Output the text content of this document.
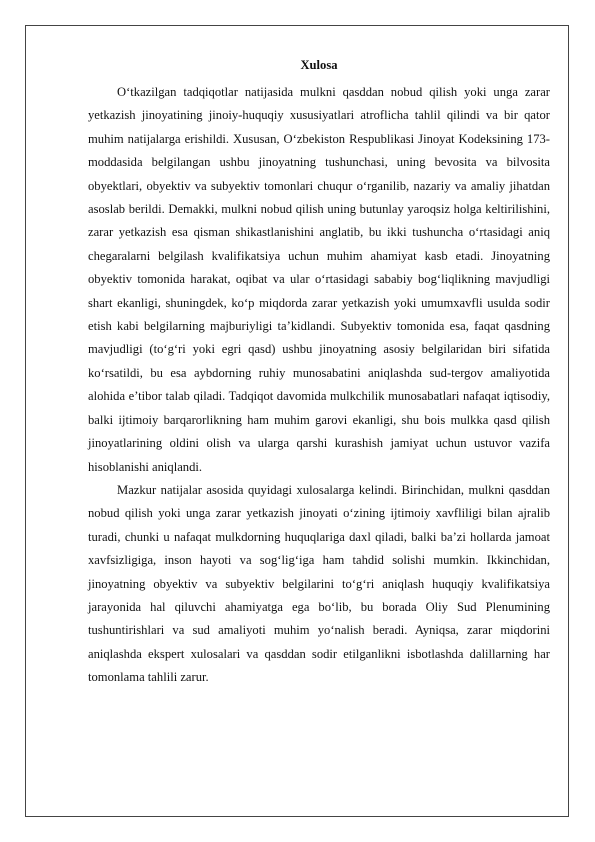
Xulosa

O‘tkazilgan tadqiqotlar natijasida mulkni qasddan nobud qilish yoki unga zarar yetkazish jinoyatining jinoiy-huquqiy xususiyatlari atroflicha tahlil qilindi va bir qator muhim natijalarga erishildi. Xususan, O‘zbekiston Respublikasi Jinoyat Kodeksining 173-moddasida belgilangan ushbu jinoyatning tushunchasi, uning bevosita va bilvosita obyektlari, obyektiv va subyektiv tomonlari chuqur o‘rganilib, nazariy va amaliy jihatdan asoslab berildi. Demakki, mulkni nobud qilish uning butunlay yaroqsiz holga keltirilishini, zarar yetkazish esa qisman shikastlanishini anglatib, bu ikki tushuncha o‘rtasidagi aniq chegaralarni belgilash kvalifikatsiya uchun muhim ahamiyat kasb etadi. Jinoyatning obyektiv tomonida harakat, oqibat va ular o‘rtasidagi sababiy bog‘liqlikning mavjudligi shart ekanligi, shuningdek, ko‘p miqdorda zarar yetkazish yoki umumxavfli usulda sodir etish kabi belgilarning majburiyligi ta’kidlandi. Subyektiv tomonida esa, faqat qasdning mavjudligi (to‘g‘ri yoki egri qasd) ushbu jinoyatning asosiy belgilaridan biri sifatida ko‘rsatildi, bu esa aybdorning ruhiy munosabatini aniqlashda sud-tergov amaliyotida alohida e’tibor talab qiladi. Tadqiqot davomida mulkchilik munosabatlari nafaqat iqtisodiy, balki ijtimoiy barqarorlikning ham muhim garovi ekanligi, shu bois mulkka qasd qilish jinoyatlarining oldini olish va ularga qarshi kurashish jamiyat uchun ustuvor vazifa hisoblanishi aniqlandi.

Mazkur natijalar asosida quyidagi xulosalarga kelindi. Birinchidan, mulkni qasddan nobud qilish yoki unga zarar yetkazish jinoyati o‘zining ijtimoiy xavfliligi bilan ajralib turadi, chunki u nafaqat mulkdorning huquqlariga daxl qiladi, balki ba’zi hollarda jamoat xavfsizligiga, inson hayoti va sog‘lig‘iga ham tahdid solishi mumkin. Ikkinchidan, jinoyatning obyektiv va subyektiv belgilarini to‘g‘ri aniqlash huquqiy kvalifikatsiya jarayonida hal qiluvchi ahamiyatga ega bo‘lib, bu borada Oliy Sud Plenumining tushuntirishlari va sud amaliyoti muhim yo‘nalish beradi. Ayniqsa, zarar miqdorini aniqlashda ekspert xulosalari va qasddan sodir etilganlikni isbotlashda dalillarning har tomonlama tahlili zarur.
